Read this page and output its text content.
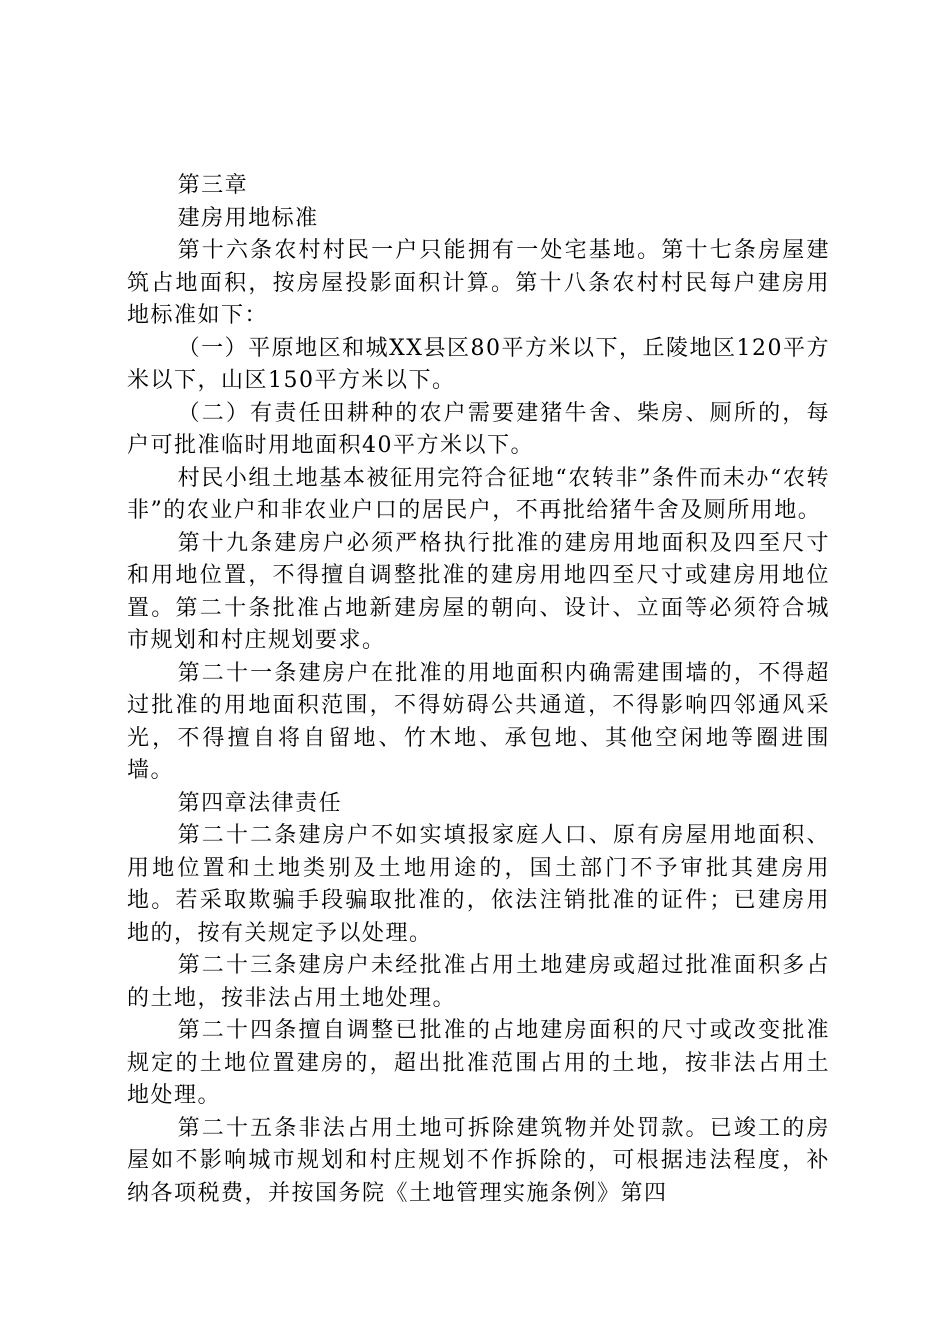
第三章

建房用地标准

第十六条农村村民一户只能拥有一处宅基地。第十七条房屋建筑占地面积，按房屋投影面积计算。第十八条农村村民每户建房用地标准如下：

（一）平原地区和城XX县区80平方米以下，丘陵地区120平方米以下，山区150平方米以下。

（二）有责任田耕种的农户需要建猪牛舍、柴房、厕所的，每户可批准临时用地面积40平方米以下。

村民小组土地基本被征用完符合征地“农转非”条件而未办“农转非”的农业户和非农业户口的居民户，不再批给猪牛舍及厕所用地。

第十九条建房户必须严格执行批准的建房用地面积及四至尺寸和用地位置，不得擅自调整批准的建房用地四至尺寸或建房用地位置。第二十条批准占地新建房屋的朝向、设计、立面等必须符合城市规划和村庄规划要求。

第二十一条建房户在批准的用地面积内确需建围墙的，不得超过批准的用地面积范围，不得妨碍公共通道，不得影响四邻通风采光，不得擅自将自留地、竹木地、承包地、其他空闲地等圈进围墙。

第四章法律责任

第二十二条建房户不如实填报家庭人口、原有房屋用地面积、用地位置和土地类别及土地用途的，国土部门不予审批其建房用地。若采取欺骗手段骗取批准的，依法注销批准的证件；已建房用地的，按有关规定予以处理。

第二十三条建房户未经批准占用土地建房或超过批准面积多占的土地，按非法占用土地处理。

第二十四条擅自调整已批准的占地建房面积的尺寸或改变批准规定的土地位置建房的，超出批准范围占用的土地，按非法占用土地处理。

第二十五条非法占用土地可拆除建筑物并处罚款。已竣工的房屋如不影响城市规划和村庄规划不作拆除的，可根据违法程度，补纳各项税费，并按国务院《土地管理实施条例》第四
